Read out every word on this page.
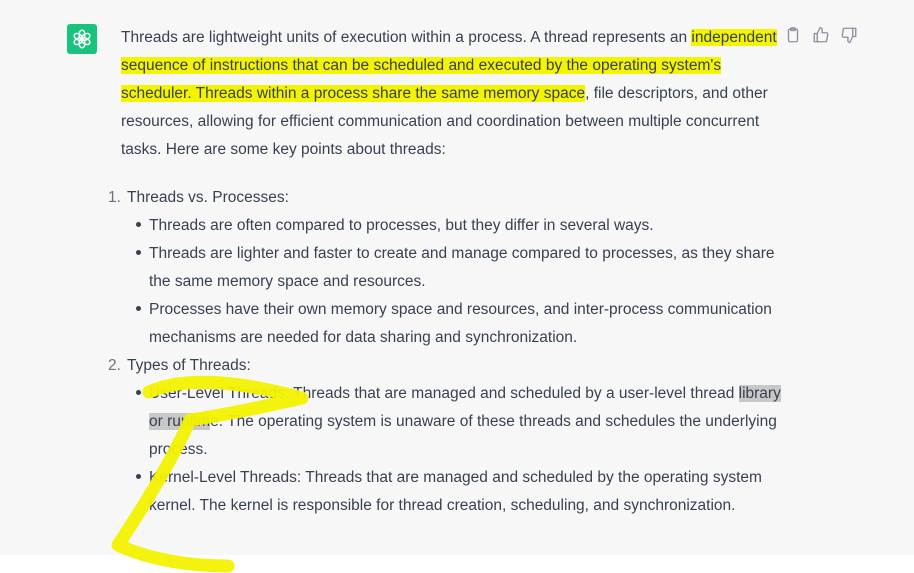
Threads are lightweight units of execution within a process. A thread represents an independent sequence of instructions that can be scheduled and executed by the operating system's scheduler. Threads within a process share the same memory space, file descriptors, and other resources, allowing for efficient communication and coordination between multiple concurrent tasks. Here are some key points about threads:

1. Threads vs. Processes:
Threads are often compared to processes, but they differ in several ways.
Threads are lighter and faster to create and manage compared to processes, as they share the same memory space and resources.
Processes have their own memory space and resources, and inter-process communication mechanisms are needed for data sharing and synchronization.
2. Types of Threads:
User-Level Threads: Threads that are managed and scheduled by a user-level thread library or runtime. The operating system is unaware of these threads and schedules the underlying process.
Kernel-Level Threads: Threads that are managed and scheduled by the operating system kernel. The kernel is responsible for thread creation, scheduling, and synchronization.
